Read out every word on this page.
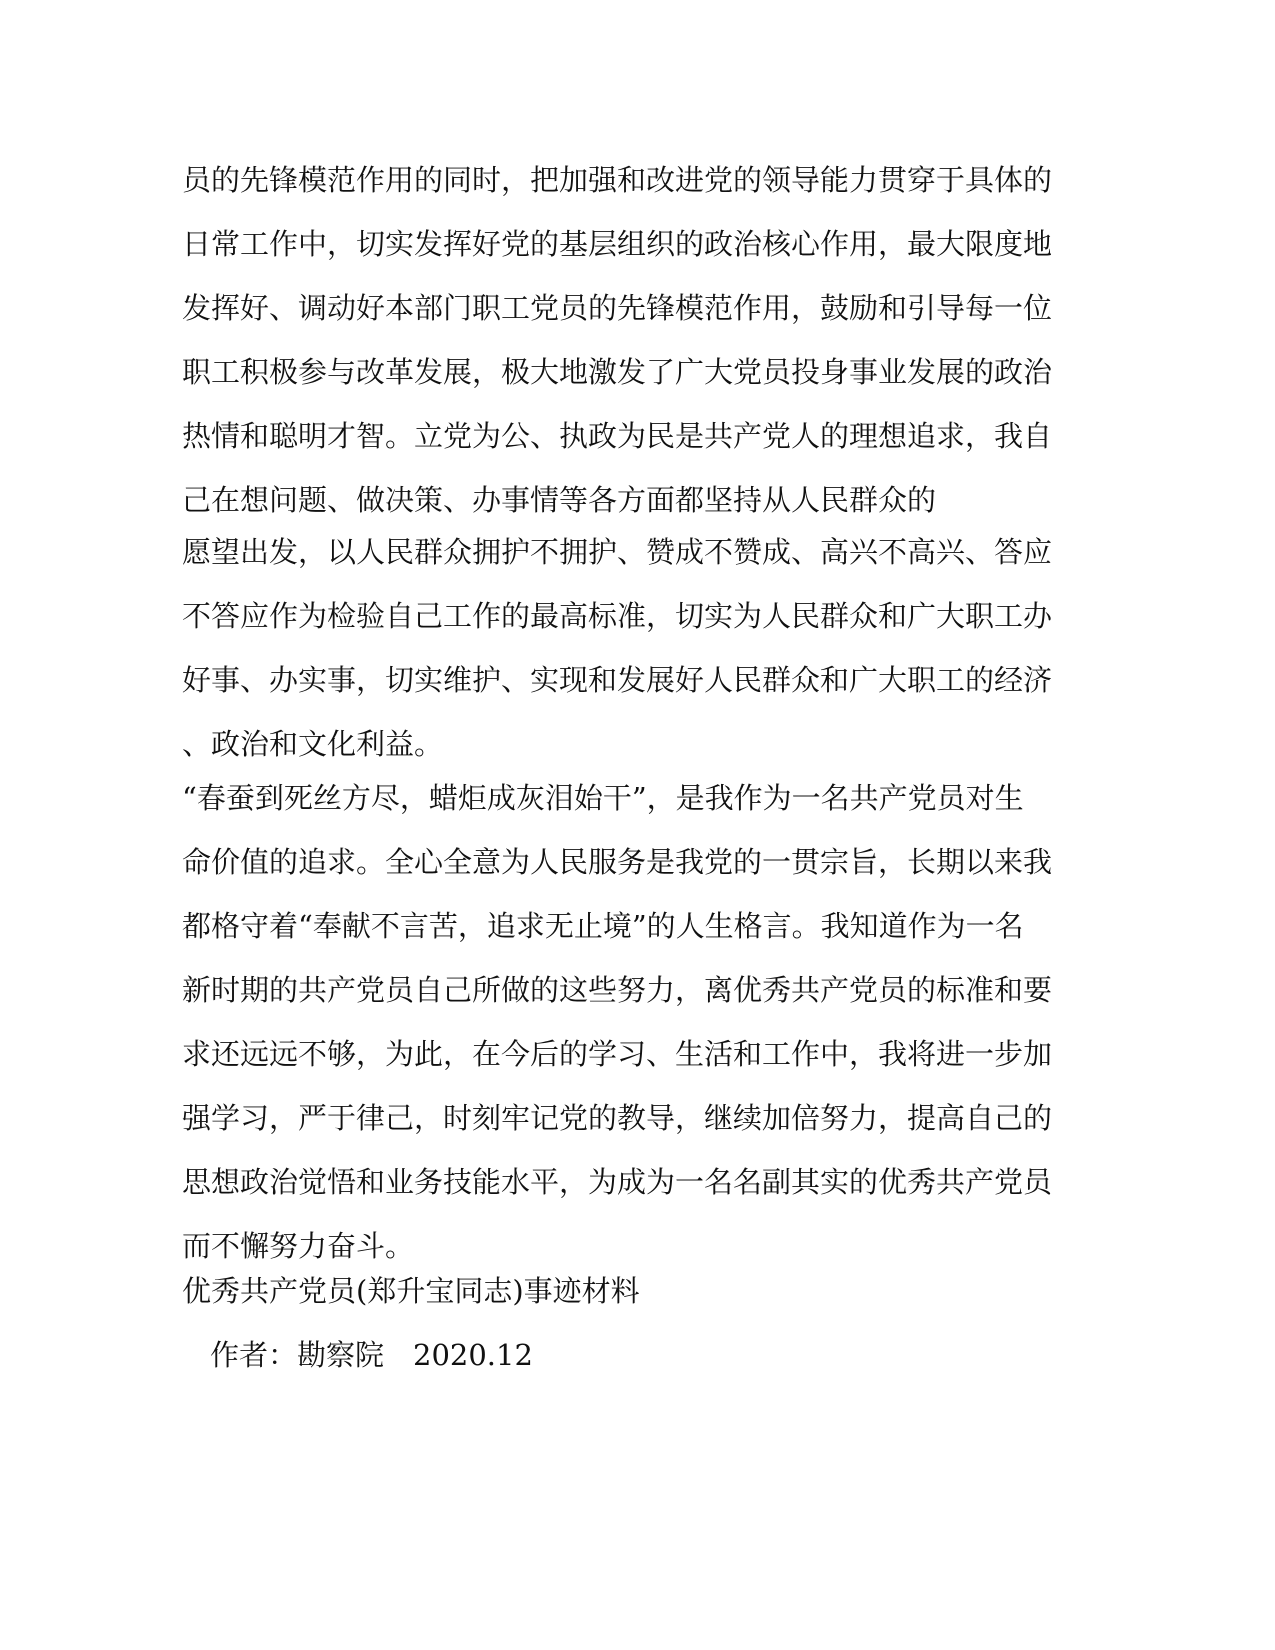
员的先锋模范作用的同时，把加强和改进党的领导能力贯穿于具体的
日常工作中，切实发挥好党的基层组织的政治核心作用，最大限度地
发挥好、调动好本部门职工党员的先锋模范作用，鼓励和引导每一位
职工积极参与改革发展，极大地激发了广大党员投身事业发展的政治
热情和聪明才智。立党为公、执政为民是共产党人的理想追求，我自
己在想问题、做决策、办事情等各方面都坚持从人民群众的
愿望出发，以人民群众拥护不拥护、赞成不赞成、高兴不高兴、答应
不答应作为检验自己工作的最高标准，切实为人民群众和广大职工办
好事、办实事，切实维护、实现和发展好人民群众和广大职工的经济
、政治和文化利益。
“春蚕到死丝方尽，蜡炬成灰泪始干”，是我作为一名共产党员对生
命价值的追求。全心全意为人民服务是我党的一贯宗旨，长期以来我
都格守着“奉献不言苦，追求无止境”的人生格言。我知道作为一名
新时期的共产党员自己所做的这些努力，离优秀共产党员的标准和要
求还远远不够，为此，在今后的学习、生活和工作中，我将进一步加
强学习，严于律己，时刻牢记党的教导，继续加倍努力，提高自己的
思想政治觉悟和业务技能水平，为成为一名名副其实的优秀共产党员
而不懈努力奋斗。
优秀共产党员(郑升宝同志)事迹材料
作者：勘察院　2020.12
